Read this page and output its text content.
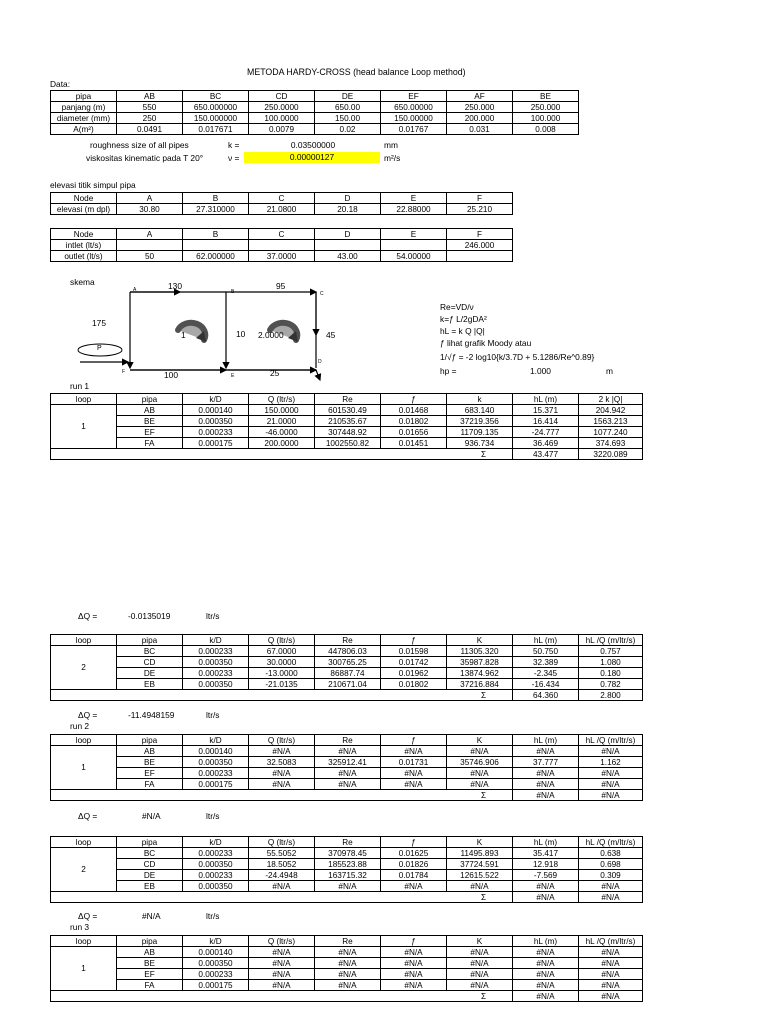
METODA HARDY-CROSS (head balance Loop method)
Data:
pipa	AB	BC	CD	DE	EF	AF	BE
panjang (m)	550	650.000000	250.0000	650.00	650.00000	250.000	250.000
diameter (mm)	250	150.000000	100.0000	150.00	150.00000	200.000	100.000
A(m²)	0.0491	0.017671	0.0079	0.02	0.01767	0.031	0.008
roughness size of all pipes	k =	0.03500000	mm
viskositas kinematic pada T 20°	ν =	0.00000127	m²/s
elevasi titik simpul pipa
Node	A	B	C	D	E	F
elevasi (m dpl)	30.80	27.310000	21.0800	20.18	22.88000	25.210
Node	A	B	C	D	E	F
intlet (lt/s)						246.000
outlet (lt/s)	50	62.000000	37.0000	43.00	54.00000	
skema
A	B	C
D
E
F
130	95
175
10	45
100	25
P
1	2.0000
Re=VD/ν
k=ƒ L/2gDA²
hL = k Q |Q|
ƒ lihat grafik Moody atau
1/√ƒ = -2 log10{k/3.7D + 5.1286/Re^0.89}
hp =	1.000	m
run 1
loop	pipa	k/D	Q (ltr/s)	Re	ƒ	k	hL (m)	2 k |Q|
1	AB	0.000140	150.0000	601530.49	0.01468	683.140	15.371	204.942
	BE	0.000350	21.0000	210535.67	0.01802	37219.356	16.414	1563.213
	EF	0.000233	-46.0000	307448.92	0.01656	11709.135	-24.777	1077.240
	FA	0.000175	200.0000	1002550.82	0.01451	936.734	36.469	374.693
Σ							43.477	3220.089
ΔQ =	-0.0135019	ltr/s
loop	pipa	k/D	Q (ltr/s)	Re	ƒ	K	hL (m)	hL /Q (m/ltr/s)
2	BC	0.000233	67.0000	447806.03	0.01598	11305.320	50.750	0.757
	CD	0.000350	30.0000	300765.25	0.01742	35987.828	32.389	1.080
	DE	0.000233	-13.0000	86887.74	0.01962	13874.962	-2.345	0.180
	EB	0.000350	-21.0135	210671.04	0.01802	37216.884	-16.434	0.782
Σ							64.360	2.800
ΔQ =	-11.4948159	ltr/s
run 2
loop	pipa	k/D	Q (ltr/s)	Re	ƒ	K	hL (m)	hL /Q (m/ltr/s)
1	AB	0.000140	#N/A	#N/A	#N/A	#N/A	#N/A	#N/A
	BE	0.000350	32.5083	325912.41	0.01731	35746.906	37.777	1.162
	EF	0.000233	#N/A	#N/A	#N/A	#N/A	#N/A	#N/A
	FA	0.000175	#N/A	#N/A	#N/A	#N/A	#N/A	#N/A
Σ							#N/A	#N/A
ΔQ =	#N/A	ltr/s
loop	pipa	k/D	Q (ltr/s)	Re	ƒ	K	hL (m)	hL /Q (m/ltr/s)
2	BC	0.000233	55.5052	370978.45	0.01625	11495.893	35.417	0.638
	CD	0.000350	18.5052	185523.88	0.01826	37724.591	12.918	0.698
	DE	0.000233	-24.4948	163715.32	0.01784	12615.522	-7.569	0.309
	EB	0.000350	#N/A	#N/A	#N/A	#N/A	#N/A	#N/A
Σ							#N/A	#N/A
ΔQ =	#N/A	ltr/s
run 3
loop	pipa	k/D	Q (ltr/s)	Re	ƒ	K	hL (m)	hL /Q (m/ltr/s)
1	AB	0.000140	#N/A	#N/A	#N/A	#N/A	#N/A	#N/A
	BE	0.000350	#N/A	#N/A	#N/A	#N/A	#N/A	#N/A
	EF	0.000233	#N/A	#N/A	#N/A	#N/A	#N/A	#N/A
	FA	0.000175	#N/A	#N/A	#N/A	#N/A	#N/A	#N/A
Σ							#N/A	#N/A
